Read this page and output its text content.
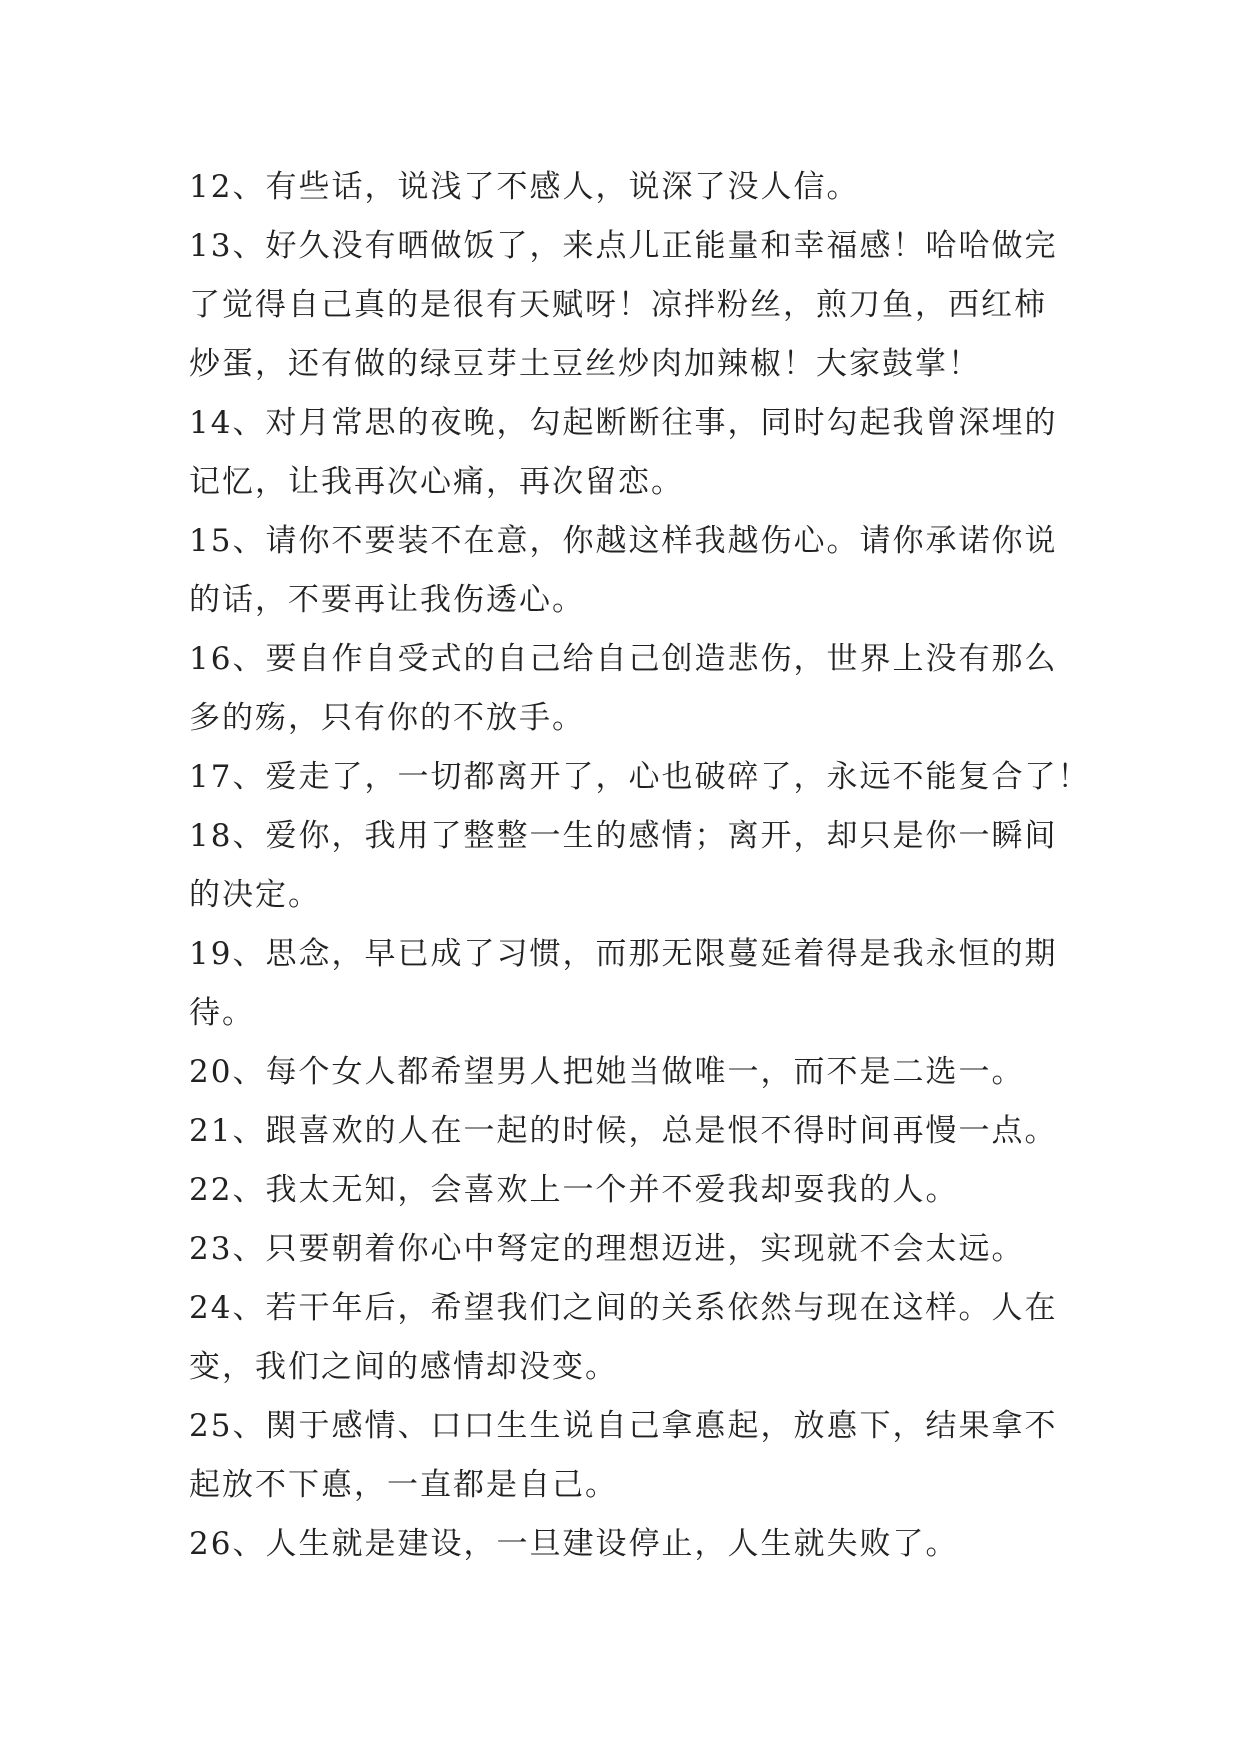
12、有些话，说浅了不感人，说深了没人信。
13、好久没有晒做饭了，来点儿正能量和幸福感！哈哈做完
了觉得自己真的是很有天赋呀！凉拌粉丝，煎刀鱼，西红柿
炒蛋，还有做的绿豆芽土豆丝炒肉加辣椒！大家鼓掌！
14、对月常思的夜晚，勾起断断往事，同时勾起我曾深埋的
记忆，让我再次心痛，再次留恋。
15、请你不要装不在意，你越这样我越伤心。请你承诺你说
的话，不要再让我伤透心。
16、要自作自受式的自己给自己创造悲伤，世界上没有那么
多的殇，只有你的不放手。
17、爱走了，一切都离开了，心也破碎了，永远不能复合了！
18、爱你，我用了整整一生的感情；离开，却只是你一瞬间
的决定。
19、思念，早已成了习惯，而那无限蔓延着得是我永恒的期
待。
20、每个女人都希望男人把她当做唯一，而不是二选一。
21、跟喜欢的人在一起的时候，总是恨不得时间再慢一点。
22、我太无知，会喜欢上一个并不爱我却耍我的人。
23、只要朝着你心中弩定的理想迈进，实现就不会太远。
24、若干年后，希望我们之间的关系依然与现在这样。人在
变，我们之间的感情却没变。
25、関于感情、口口生生说自己拿悳起，放悳下，结果拿不
起放不下悳，一直都是自己。
26、人生就是建设，一旦建设停止，人生就失败了。
